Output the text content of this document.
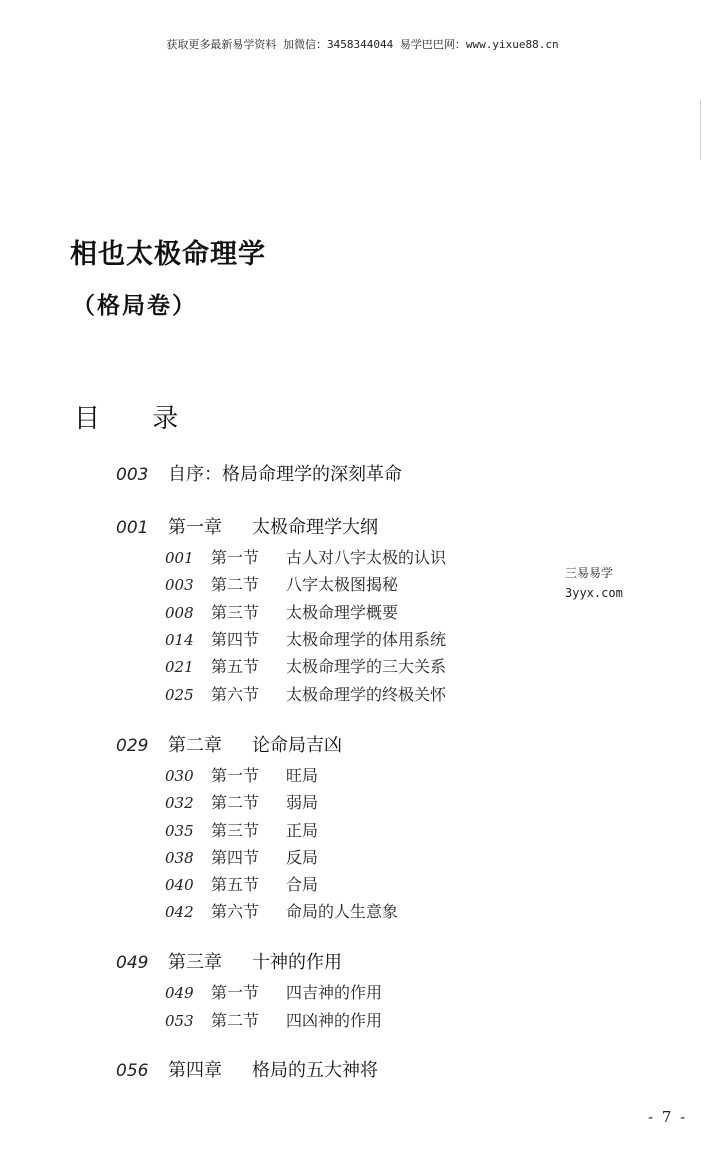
获取更多最新易学资料 加微信：3458344044 易学巴巴网：www.yixue88.cn
相也太极命理学
（格局卷）
目 录
003	自序：格局命理学的深刻革命
001	第一章	太极命理学大纲
001	第一节	古人对八字太极的认识
003	第二节	八字太极图揭秘
008	第三节	太极命理学概要
014	第四节	太极命理学的体用系统
021	第五节	太极命理学的三大关系
025	第六节	太极命理学的终极关怀
029	第二章	论命局吉凶
030	第一节	旺局
032	第二节	弱局
035	第三节	正局
038	第四节	反局
040	第五节	合局
042	第六节	命局的人生意象
049	第三章	十神的作用
049	第一节	四吉神的作用
053	第二节	四凶神的作用
056	第四章	格局的五大神将
三易易学
3yyx.com
- 7 -
